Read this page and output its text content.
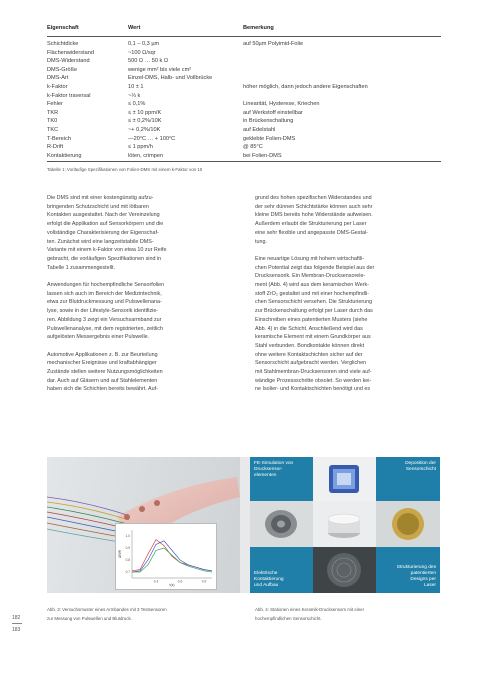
Eigenschaft	Wert	Bemerkung
Schichtdicke	0,1 – 0,3 µm	auf 50µm Polyimid-Folie
Flächenwiderstand	~100 Ω/sqr	
DMS-Widerstand	500 Ω … 50 k Ω	
DMS-Größe	wenige mm² bis viele cm²	
DMS-Art	Einzel-DMS, Halb- und Vollbrücke	
k-Faktor	10 ± 1	höher möglich, dann jedoch andere Eigenschaften
k-Faktor traversal	~⅓ k	
Fehler	≤ 0,1%	Linearität, Hysterese, Kriechen
TKR	≤ ± 10 ppm/K	auf Werkstoff einstellbar
TK0	≤ ± 0,2%/10K	in Brückenschaltung
TKC	~+ 0,2%/10K	auf Edelstahl
T-Bereich	—20°C … + 100°C	geklebte Folien-DMS
R-Drift	≤ 1 ppm/h	@ 85°C
Kontaktierung	löten, crimpen	bei Folien-DMS
Tabelle 1: Vorläufige Spezifikationen von Folien-DMS mit einem k-Faktor von 10

Die DMS sind mit einer kostengünstig aufzu-
bringenden Schutzschicht und mit lötbaren
Kontakten ausgestattet. Nach der Vereinzelung
erfolgt die Applikation auf Sensorkörpern und die
vollständige Charakterisierung der Eigenschaf-
ten. Zunächst wird eine langzeitstabile DMS-
Variante mit einem k-Faktor von etwa 10 zur Reife
gebracht, die vorläufigen Spezifikationen sind in
Tabelle 1 zusammengestellt.

Anwendungen für hochempfindliche Sensorfolien
lassen sich auch im Bereich der Medizintechnik,
etwa zur Blutdruckmessung und Pulswellenana-
lyse, sowie in der Lifestyle-Sensorik identifizie-
ren. Abbildung 3 zeigt ein Versuchsarmband zur
Pulswellenanalyse, mit dem registrierten, zeitlich
aufgelösten Messergebnis einer Pulswelle.

Automotive Applikationen z. B. zur Beurteilung
mechanischer Ereignisse und kraftabhängiger
Zustände stellen weitere Nutzungsmöglichkeiten
dar. Auch auf Gläsern und auf Stahlelementen
haben sich die Schichten bereits bewährt. Auf-

grund des hohen spezifischen Widerstandes und
der sehr dünnen Schichtstärke können auch sehr
kleine DMS bereits hohe Widerstände aufweisen.
Außerdem erlaubt die Strukturierung per Laser
eine sehr flexible und angepasste DMS-Gestal-
tung.

Eine neuartige Lösung mit hohem wirtschaftli-
chen Potential zeigt das folgende Beispiel aus der
Drucksensorik. Ein Membran-Drucksensorele-
ment (Abb. 4) wird aus dem keramischen Werk-
stoff ZrO₂ gestaltet und mit einer hochempfindli-
chen Sensorschicht versehen. Die Strukturierung
zur Brückenschaltung erfolgt per Laser durch das
Einschreiben eines patentierten Musters (siehe
Abb. 4) in die Schicht. Anschließend wird das
keramische Element mit einem Grundkörper aus
Stahl verbunden. Bondkontakte können direkt
ohne weitere Kontaktschichten sicher auf der
Sensorschicht aufgebracht werden. Verglichen
mit Stahlmembran-Drucksensoren sind viele auf-
wändige Prozessschritte obsolet. So werden kei-
ne Isolier- und Kontaktschichten benötigt und es

1.0
0.9
0.8
0.7
0.3	0.6	0.9
ΔR/R
t(s)
FE-Simulation von
Drucksensor-
elementen
Deposition der
Sensorschicht
Elektrische
Kontaktierung
und Aufbau
Strukturierung des
patentierten
Designs per
Laser
Abb. 3: Versuchsmuster eines Armbandes mit 3 Testsensoren
zur Messung von Pulswellen und Blutdruck.
Abb. 4: Stationen eines Keramik-Drucksensors mit einer
hochempfindlichen Sensorschicht.
182
183
